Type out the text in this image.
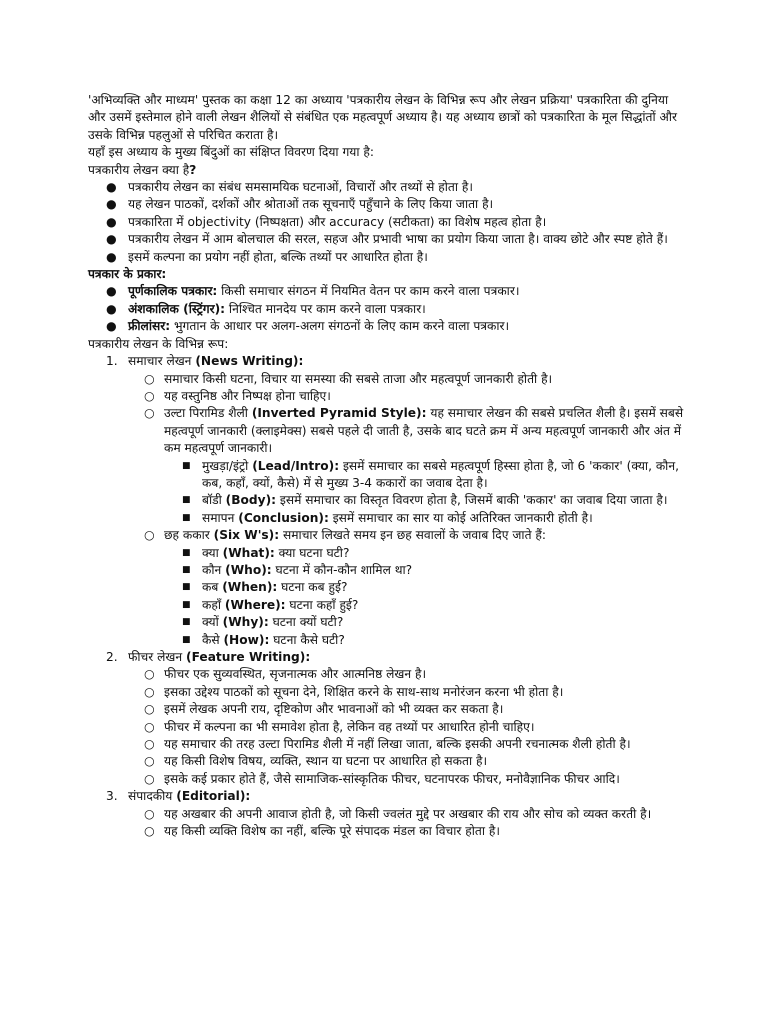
'अभिव्यक्ति और माध्यम' पुस्तक का कक्षा 12 का अध्याय 'पत्रकारीय लेखन के विभिन्न रूप और लेखन प्रक्रिया' पत्रकारिता की दुनिया और उसमें इस्तेमाल होने वाली लेखन शैलियों से संबंधित एक महत्वपूर्ण अध्याय है। यह अध्याय छात्रों को पत्रकारिता के मूल सिद्धांतों और उसके विभिन्न पहलुओं से परिचित कराता है।

यहाँ इस अध्याय के मुख्य बिंदुओं का संक्षिप्त विवरण दिया गया है:

पत्रकारीय लेखन क्या है?

● पत्रकारीय लेखन का संबंध समसामयिक घटनाओं, विचारों और तथ्यों से होता है।
● यह लेखन पाठकों, दर्शकों और श्रोताओं तक सूचनाएँ पहुँचाने के लिए किया जाता है।
● पत्रकारिता में objectivity (निष्पक्षता) और accuracy (सटीकता) का विशेष महत्व होता है।
● पत्रकारीय लेखन में आम बोलचाल की सरल, सहज और प्रभावी भाषा का प्रयोग किया जाता है। वाक्य छोटे और स्पष्ट होते हैं।
● इसमें कल्पना का प्रयोग नहीं होता, बल्कि तथ्यों पर आधारित होता है।

पत्रकार के प्रकार:

● पूर्णकालिक पत्रकार: किसी समाचार संगठन में नियमित वेतन पर काम करने वाला पत्रकार।
● अंशकालिक (स्ट्रिंगर): निश्चित मानदेय पर काम करने वाला पत्रकार।
● फ्रीलांसर: भुगतान के आधार पर अलग-अलग संगठनों के लिए काम करने वाला पत्रकार।

पत्रकारीय लेखन के विभिन्न रूप:

1. समाचार लेखन (News Writing):
○ समाचार किसी घटना, विचार या समस्या की सबसे ताजा और महत्वपूर्ण जानकारी होती है।
○ यह वस्तुनिष्ठ और निष्पक्ष होना चाहिए।
○ उल्टा पिरामिड शैली (Inverted Pyramid Style): यह समाचार लेखन की सबसे प्रचलित शैली है। इसमें सबसे महत्वपूर्ण जानकारी (क्लाइमेक्स) सबसे पहले दी जाती है, उसके बाद घटते क्रम में अन्य महत्वपूर्ण जानकारी और अंत में कम महत्वपूर्ण जानकारी।
■ मुखड़ा/इंट्रो (Lead/Intro): इसमें समाचार का सबसे महत्वपूर्ण हिस्सा होता है, जो 6 'ककार' (क्या, कौन, कब, कहाँ, क्यों, कैसे) में से मुख्य 3-4 ककारों का जवाब देता है।
■ बॉडी (Body): इसमें समाचार का विस्तृत विवरण होता है, जिसमें बाकी 'ककार' का जवाब दिया जाता है।
■ समापन (Conclusion): इसमें समाचार का सार या कोई अतिरिक्त जानकारी होती है।
○ छह ककार (Six W's): समाचार लिखते समय इन छह सवालों के जवाब दिए जाते हैं:
■ क्या (What): क्या घटना घटी?
■ कौन (Who): घटना में कौन-कौन शामिल था?
■ कब (When): घटना कब हुई?
■ कहाँ (Where): घटना कहाँ हुई?
■ क्यों (Why): घटना क्यों घटी?
■ कैसे (How): घटना कैसे घटी?
2. फीचर लेखन (Feature Writing):
○ फीचर एक सुव्यवस्थित, सृजनात्मक और आत्मनिष्ठ लेखन है।
○ इसका उद्देश्य पाठकों को सूचना देने, शिक्षित करने के साथ-साथ मनोरंजन करना भी होता है।
○ इसमें लेखक अपनी राय, दृष्टिकोण और भावनाओं को भी व्यक्त कर सकता है।
○ फीचर में कल्पना का भी समावेश होता है, लेकिन वह तथ्यों पर आधारित होनी चाहिए।
○ यह समाचार की तरह उल्टा पिरामिड शैली में नहीं लिखा जाता, बल्कि इसकी अपनी रचनात्मक शैली होती है।
○ यह किसी विशेष विषय, व्यक्ति, स्थान या घटना पर आधारित हो सकता है।
○ इसके कई प्रकार होते हैं, जैसे सामाजिक-सांस्कृतिक फीचर, घटनापरक फीचर, मनोवैज्ञानिक फीचर आदि।
3. संपादकीय (Editorial):
○ यह अखबार की अपनी आवाज होती है, जो किसी ज्वलंत मुद्दे पर अखबार की राय और सोच को व्यक्त करती है।
○ यह किसी व्यक्ति विशेष का नहीं, बल्कि पूरे संपादक मंडल का विचार होता है।
